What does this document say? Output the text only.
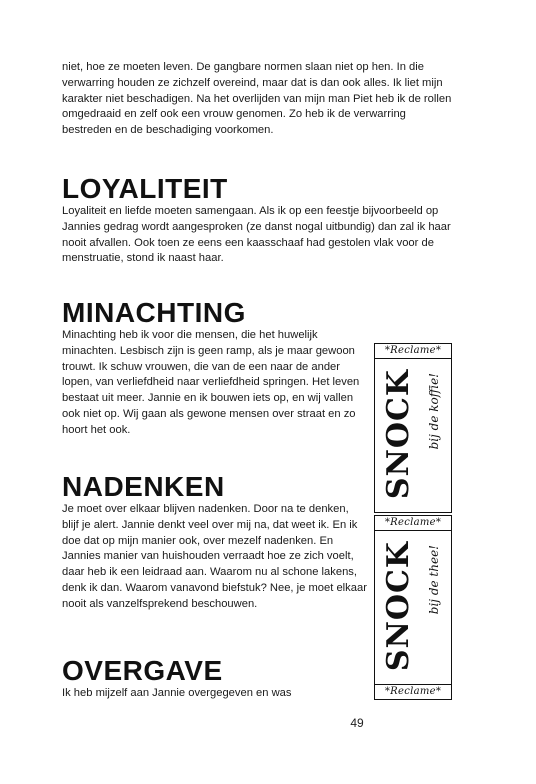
niet, hoe ze moeten leven. De gangbare normen slaan niet op hen. In die verwarring houden ze zichzelf overeind, maar dat is dan ook alles. Ik liet mijn karakter niet beschadigen. Na het overlijden van mijn man Piet heb ik de rollen omgedraaid en zelf ook een vrouw genomen. Zo heb ik de verwarring bestreden en de beschadiging voorkomen.

LOYALITEIT

Loyaliteit en liefde moeten samengaan. Als ik op een feestje bijvoorbeeld op Jannies gedrag wordt aangesproken (ze danst nogal uitbundig) dan zal ik haar nooit afvallen. Ook toen ze eens een kaasschaaf had gestolen vlak voor de menstruatie, stond ik naast haar.

MINACHTING

Minachting heb ik voor die mensen, die het huwelijk minachten. Lesbisch zijn is geen ramp, als je maar gewoon trouwt. Ik schuw vrouwen, die van de een naar de ander lopen, van verliefdheid naar verliefdheid springen. Het leven bestaat uit meer. Jannie en ik bouwen iets op, en wij vallen ook niet op. Wij gaan als gewone mensen over straat en zo hoort het ook.

NADENKEN

Je moet over elkaar blijven nadenken. Door na te denken, blijf je alert. Jannie denkt veel over mij na, dat weet ik. En ik doe dat op mijn manier ook, over mezelf nadenken. En Jannies manier van huishouden verraadt hoe ze zich voelt, daar heb ik een leidraad aan. Waarom nu al schone lakens, denk ik dan. Waarom vanavond biefstuk? Nee, je moet elkaar nooit als vanzelfsprekend beschouwen.

OVERGAVE

Ik heb mijzelf aan Jannie overgegeven en was

*Reclame*
SNOCK bij de koffie!
*Reclame*
SNOCK bij de thee!
*Reclame*
49
